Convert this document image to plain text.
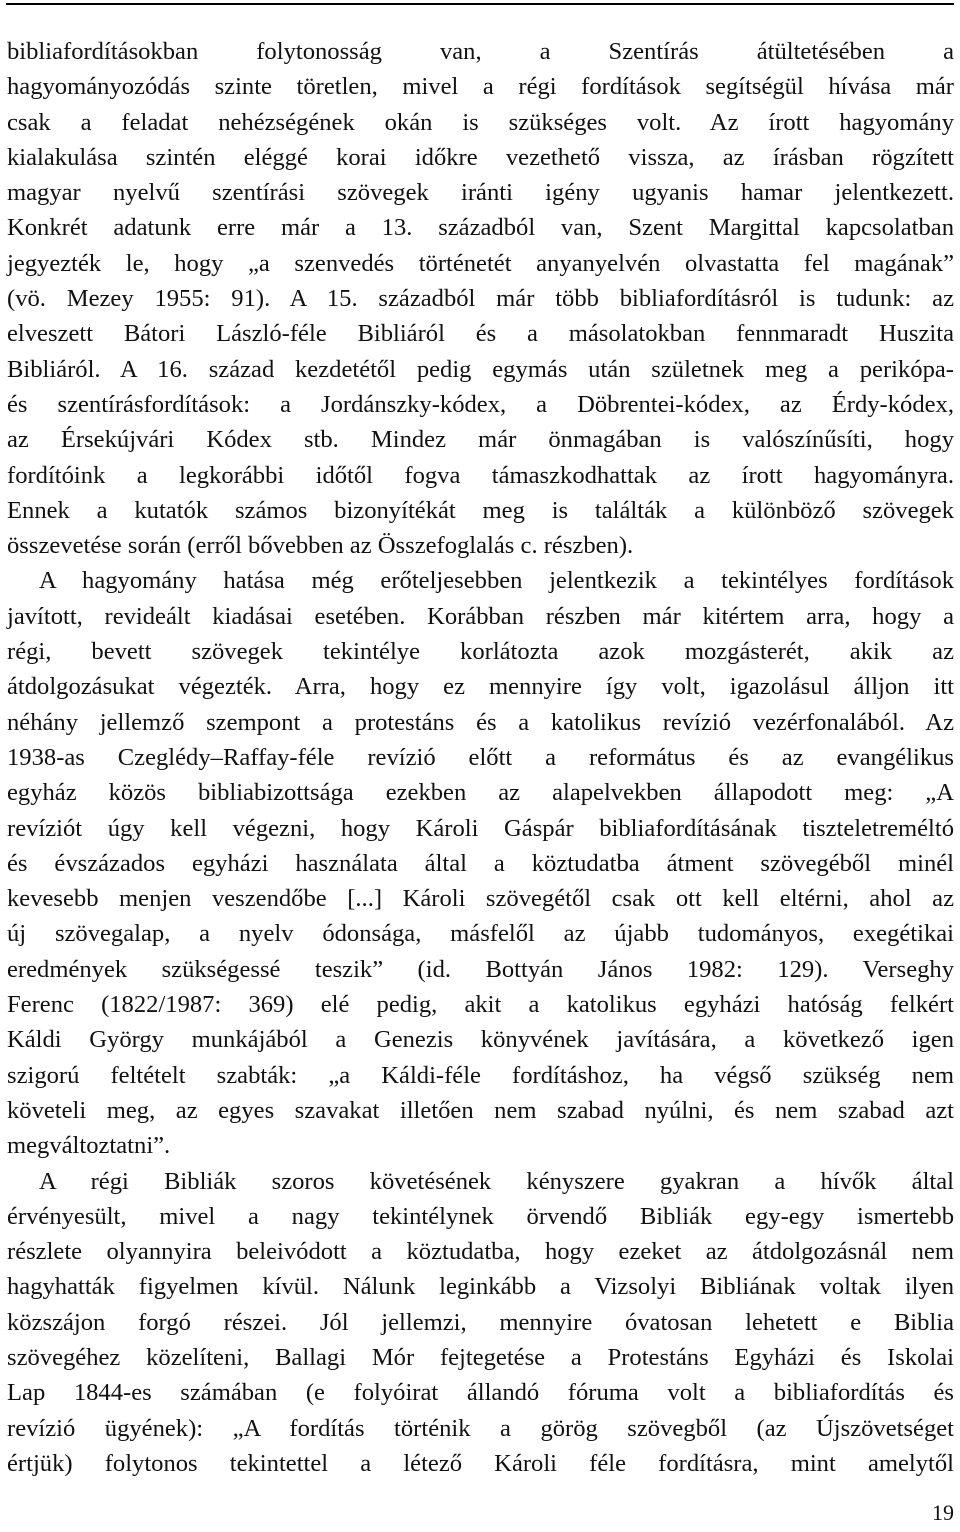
bibliafordításokban folytonosság van, a Szentírás átültetésében a
hagyományozódás szinte töretlen, mivel a régi fordítások segítségül hívása már
csak a feladat nehézségének okán is szükséges volt. Az írott hagyomány
kialakulása szintén eléggé korai időkre vezethető vissza, az írásban rögzített
magyar nyelvű szentírási szövegek iránti igény ugyanis hamar jelentkezett.
Konkrét adatunk erre már a 13. századból van, Szent Margittal kapcsolatban
jegyezték le, hogy „a szenvedés történetét anyanyelvén olvastatta fel magának”
(vö. Mezey 1955: 91). A 15. századból már több bibliafordításról is tudunk: az
elveszett Bátori László-féle Bibliáról és a másolatokban fennmaradt Huszita
Bibliáról. A 16. század kezdetétől pedig egymás után születnek meg a perikópa-
és szentírásfordítások: a Jordánszky-kódex, a Döbrentei-kódex, az Érdy-kódex,
az Érsekújvári Kódex stb. Mindez már önmagában is valószínűsíti, hogy
fordítóink a legkorábbi időtől fogva támaszkodhattak az írott hagyományra.
Ennek a kutatók számos bizonyítékát meg is találták a különböző szövegek
összevetése során (erről bővebben az Összefoglalás c. részben).
A hagyomány hatása még erőteljesebben jelentkezik a tekintélyes fordítások
javított, revideált kiadásai esetében. Korábban részben már kitértem arra, hogy a
régi, bevett szövegek tekintélye korlátozta azok mozgásterét, akik az
átdolgozásukat végezték. Arra, hogy ez mennyire így volt, igazolásul álljon itt
néhány jellemző szempont a protestáns és a katolikus revízió vezérfonalából. Az
1938-as Czeglédy–Raffay-féle revízió előtt a református és az evangélikus
egyház közös bibliabizottsága ezekben az alapelvekben állapodott meg: „A
revíziót úgy kell végezni, hogy Károli Gáspár bibliafordításának tiszteletreméltó
és évszázados egyházi használata által a köztudatba átment szövegéből minél
kevesebb menjen veszendőbe [...] Károli szövegétől csak ott kell eltérni, ahol az
új szövegalap, a nyelv ódonsága, másfelől az újabb tudományos, exegétikai
eredmények szükségessé teszik” (id. Bottyán János 1982: 129). Verseghy
Ferenc (1822/1987: 369) elé pedig, akit a katolikus egyházi hatóság felkért
Káldi György munkájából a Genezis könyvének javítására, a következő igen
szigorú feltételt szabták: „a Káldi-féle fordításhoz, ha végső szükség nem
követeli meg, az egyes szavakat illetően nem szabad nyúlni, és nem szabad azt
megváltoztatni”.
A régi Bibliák szoros követésének kényszere gyakran a hívők által
érvényesült, mivel a nagy tekintélynek örvendő Bibliák egy-egy ismertebb
részlete olyannyira beleivódott a köztudatba, hogy ezeket az átdolgozásnál nem
hagyhatták figyelmen kívül. Nálunk leginkább a Vizsolyi Bibliának voltak ilyen
közszájon forgó részei. Jól jellemzi, mennyire óvatosan lehetett e Biblia
szövegéhez közelíteni, Ballagi Mór fejtegetése a Protestáns Egyházi és Iskolai
Lap 1844-es számában (e folyóirat állandó fóruma volt a bibliafordítás és
revízió ügyének): „A fordítás történik a görög szövegből (az Újszövetséget
értjük) folytonos tekintettel a létező Károli féle fordításra, mint amelytől
19
